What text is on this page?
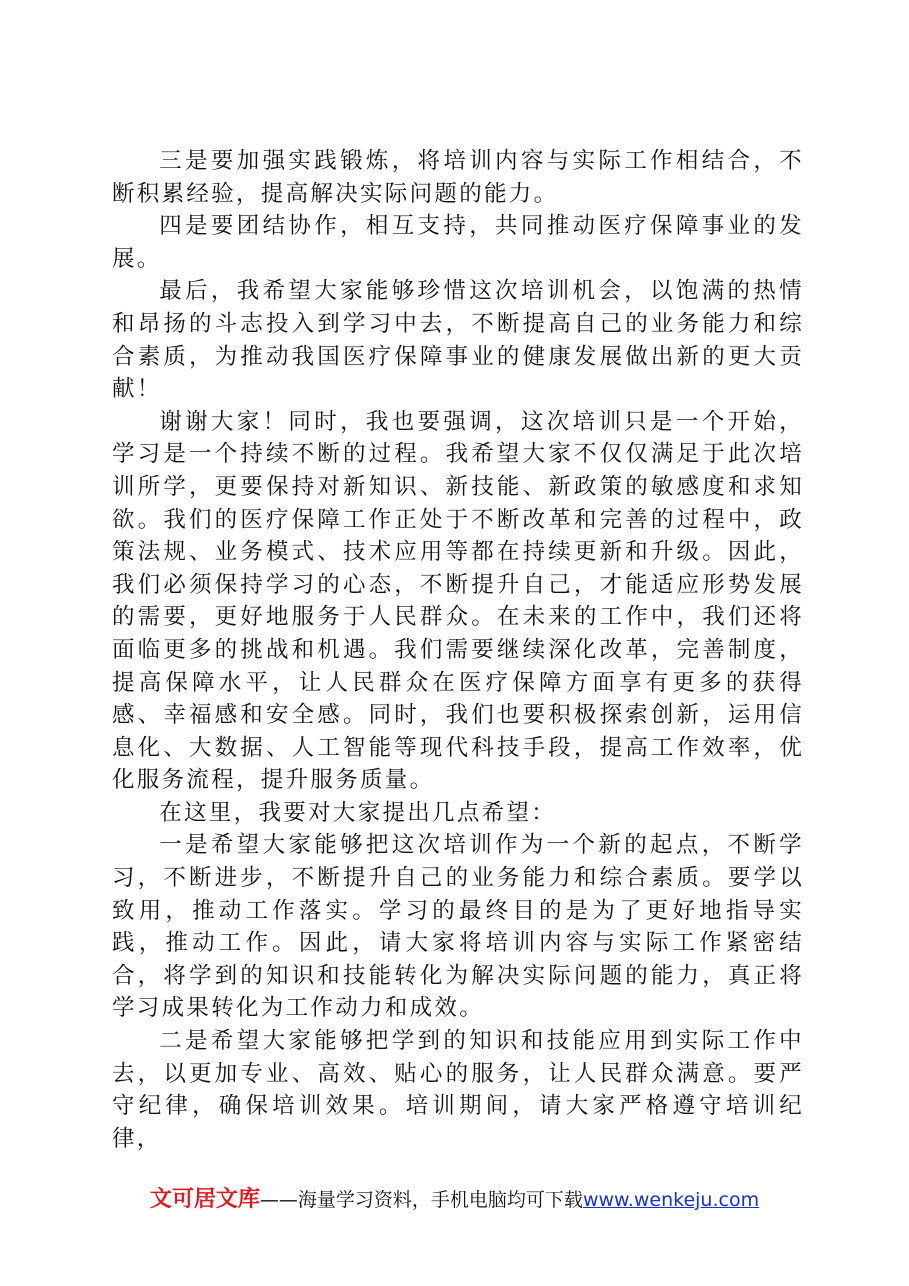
三是要加强实践锻炼，将培训内容与实际工作相结合，不断积累经验，提高解决实际问题的能力。

四是要团结协作，相互支持，共同推动医疗保障事业的发展。

最后，我希望大家能够珍惜这次培训机会，以饱满的热情和昂扬的斗志投入到学习中去，不断提高自己的业务能力和综合素质，为推动我国医疗保障事业的健康发展做出新的更大贡献！

谢谢大家！同时，我也要强调，这次培训只是一个开始，学习是一个持续不断的过程。我希望大家不仅仅满足于此次培训所学，更要保持对新知识、新技能、新政策的敏感度和求知欲。我们的医疗保障工作正处于不断改革和完善的过程中，政策法规、业务模式、技术应用等都在持续更新和升级。因此，我们必须保持学习的心态，不断提升自己，才能适应形势发展的需要，更好地服务于人民群众。在未来的工作中，我们还将面临更多的挑战和机遇。我们需要继续深化改革，完善制度，提高保障水平，让人民群众在医疗保障方面享有更多的获得感、幸福感和安全感。同时，我们也要积极探索创新，运用信息化、大数据、人工智能等现代科技手段，提高工作效率，优化服务流程，提升服务质量。

在这里，我要对大家提出几点希望：

一是希望大家能够把这次培训作为一个新的起点，不断学习，不断进步，不断提升自己的业务能力和综合素质。要学以致用，推动工作落实。学习的最终目的是为了更好地指导实践，推动工作。因此，请大家将培训内容与实际工作紧密结合，将学到的知识和技能转化为解决实际问题的能力，真正将学习成果转化为工作动力和成效。

二是希望大家能够把学到的知识和技能应用到实际工作中去，以更加专业、高效、贴心的服务，让人民群众满意。要严守纪律，确保培训效果。培训期间，请大家严格遵守培训纪律，

文可居文库——海量学习资料，手机电脑均可下载www.wenkeju.com
